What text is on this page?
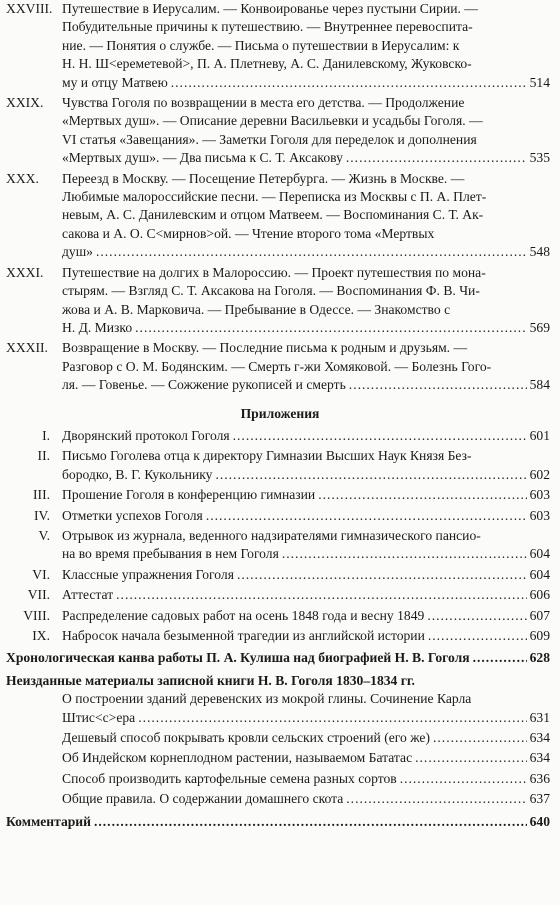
XXVIII. Путешествие в Иерусалим. — Конвоированье через пустыни Сирии. —
Побудительные причины к путешествию. — Внутреннее перевоспита-
ние. — Понятия о службе. — Письма о путешествии в Иерусалим: к
Н. Н. Ш<ереметевой>, П. А. Плетневу, А. С. Данилевскому, Жуковско-
му и отцу Матвею .....	514
XXIX.	Чувства Гоголя по возвращении в места его детства. — Продолжение
«Мертвых душ». — Описание деревни Васильевки и усадьбы Гоголя. —
VI статья «Завещания». — Заметки Гоголя для переделок и дополнения
«Мертвых душ». — Два письма к С. Т. Аксакову .....	535
XXX.	Переезд в Москву. — Посещение Петербурга. — Жизнь в Москве. —
Любимые малороссийские песни. — Переписка из Москвы с П. А. Плет-
невым, А. С. Данилевским и отцом Матвеем. — Воспоминания С. Т. Ак-
сакова и А. О. С<мирнов>ой. — Чтение второго тома «Мертвых
душ» .....	548
XXXI.	Путешествие на долгих в Малороссию. — Проект путешествия по мона-
стырям. — Взгляд С. Т. Аксакова на Гоголя. — Воспоминания Ф. В. Чи-
жова и А. В. Марковича. — Пребывание в Одессе. — Знакомство с
Н. Д. Мизко .....	569
XXXII.	Возвращение в Москву. — Последние письма к родным и друзьям. —
Разговор с О. М. Бодянским. — Смерть г-жи Хомяковой. — Болезнь Гого-
ля. — Говенье. — Сожжение рукописей и смерть .....	584
Приложения
I. Дворянский протокол Гоголя .....	601
II. Письмо Гоголева отца к директору Гимназии Высших Наук Князя Без-
бородко, В. Г. Кукольнику .....	602
III. Прошение Гоголя в конференцию гимназии .....	603
IV. Отметки успехов Гоголя .....	603
V. Отрывок из журнала, веденного надзирателями гимназического пансио-
на во время пребывания в нем Гоголя .....	604
VI. Классные упражнения Гоголя .....	604
VII. Аттестат .....	606
VIII. Распределение садовых работ на осень 1848 года и весну 1849 .....	607
IX. Набросок начала безыменной трагедии из английской истории .....	609
Хронологическая канва работы П. А. Кулиша над биографией Н. В. Гоголя .....	628
Неизданные материалы записной книги Н. В. Гоголя 1830–1834 гг.
О построении зданий деревенских из мокрой глины. Сочинение Карла
Штис<с>ера .....	631
Дешевый способ покрывать кровли сельских строений (его же) .....	634
Об Индейском корнеплодном растении, называемом Бататас .....	634
Способ производить картофельные семена разных сортов .....	636
Общие правила. О содержании домашнего скота .....	637
Комментарий .....	640
